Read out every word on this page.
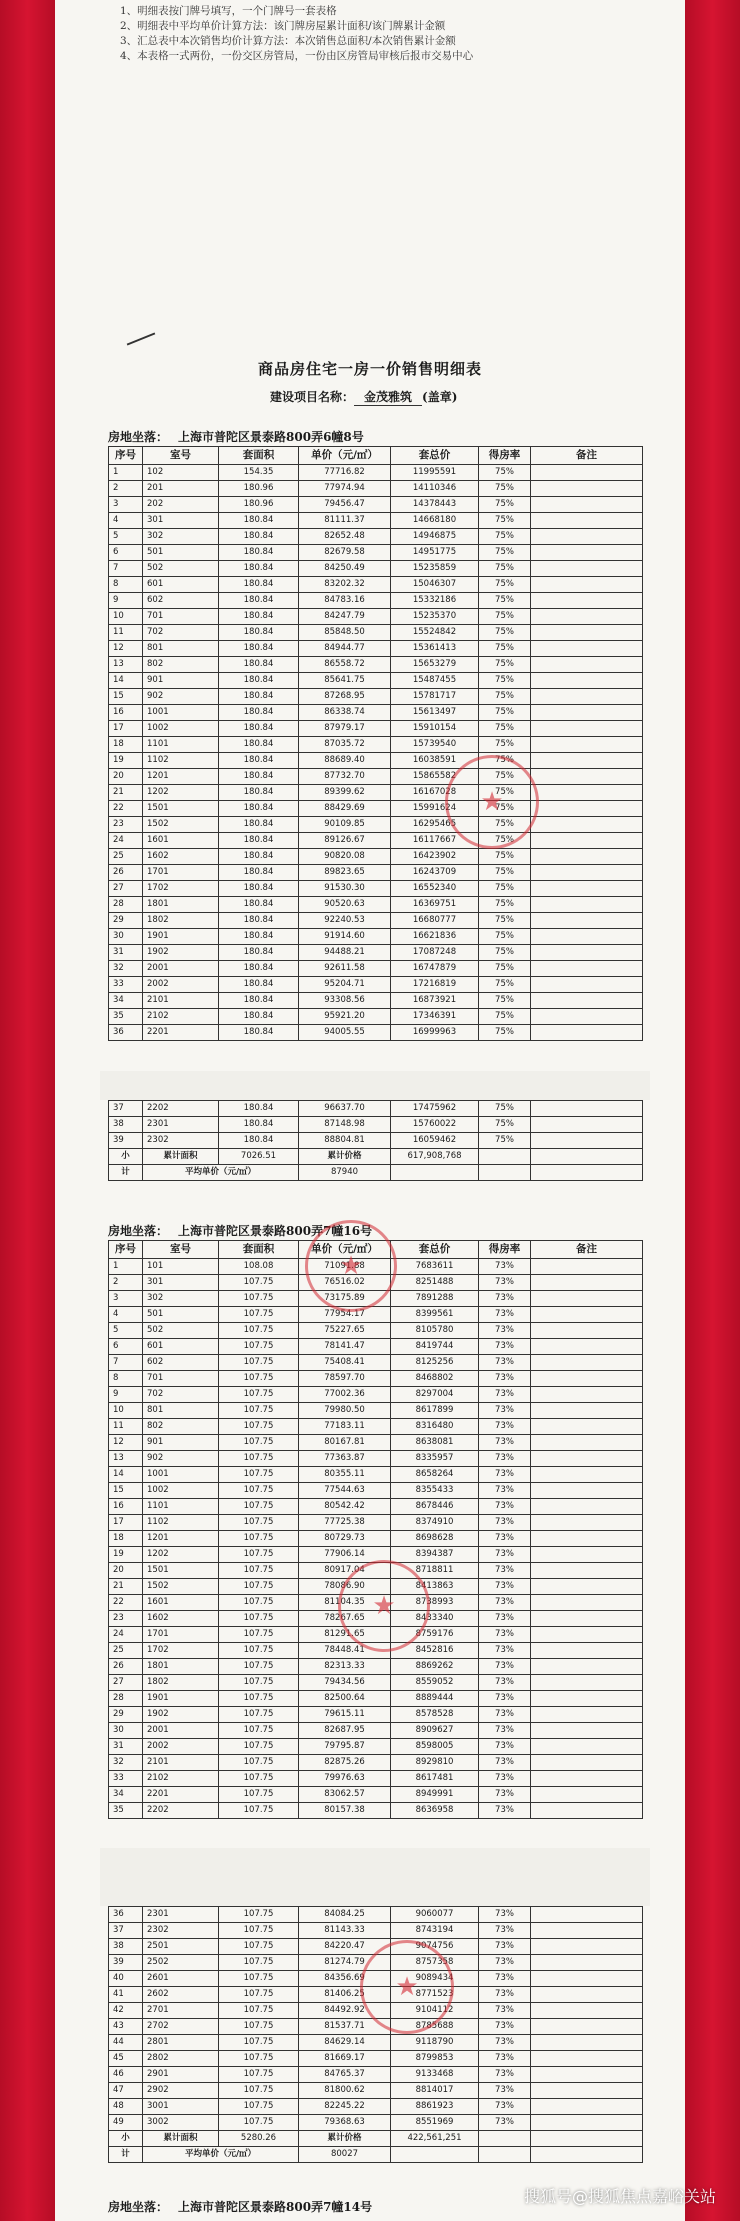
1、明细表按门牌号填写，一个门牌号一套表格
2、明细表中平均单价计算方法：该门牌房屋累计面积/该门牌累计金额
3、汇总表中本次销售均价计算方法：本次销售总面积/本次销售累计金额
4、本表格一式两份，一份交区房管局，一份由区房管局审核后报市交易中心
商品房住宅一房一价销售明细表
建设项目名称： 金茂雅筑 (盖章)
房地坐落： 上海市普陀区景泰路800弄6幢8号
序号	室号	套面积	单价（元/㎡）	套总价	得房率	备注
1	102	154.35	77716.82	11995591	75%	
2	201	180.96	77974.94	14110346	75%	
3	202	180.96	79456.47	14378443	75%	
4	301	180.84	81111.37	14668180	75%	
5	302	180.84	82652.48	14946875	75%	
6	501	180.84	82679.58	14951775	75%	
7	502	180.84	84250.49	15235859	75%	
8	601	180.84	83202.32	15046307	75%	
9	602	180.84	84783.16	15332186	75%	
10	701	180.84	84247.79	15235370	75%	
11	702	180.84	85848.50	15524842	75%	
12	801	180.84	84944.77	15361413	75%	
13	802	180.84	86558.72	15653279	75%	
14	901	180.84	85641.75	15487455	75%	
15	902	180.84	87268.95	15781717	75%	
16	1001	180.84	86338.74	15613497	75%	
17	1002	180.84	87979.17	15910154	75%	
18	1101	180.84	87035.72	15739540	75%	
19	1102	180.84	88689.40	16038591	75%	
20	1201	180.84	87732.70	15865582	75%	
21	1202	180.84	89399.62	16167028	75%	
22	1501	180.84	88429.69	15991624	75%	
23	1502	180.84	90109.85	16295465	75%	
24	1601	180.84	89126.67	16117667	75%	
25	1602	180.84	90820.08	16423902	75%	
26	1701	180.84	89823.65	16243709	75%	
27	1702	180.84	91530.30	16552340	75%	
28	1801	180.84	90520.63	16369751	75%	
29	1802	180.84	92240.53	16680777	75%	
30	1901	180.84	91914.60	16621836	75%	
31	1902	180.84	94488.21	17087248	75%	
32	2001	180.84	92611.58	16747879	75%	
33	2002	180.84	95204.71	17216819	75%	
34	2101	180.84	93308.56	16873921	75%	
35	2102	180.84	95921.20	17346391	75%	
36	2201	180.84	94005.55	16999963	75%	
37	2202	180.84	96637.70	17475962	75%	
38	2301	180.84	87148.98	15760022	75%	
39	2302	180.84	88804.81	16059462	75%	
小	累计面积	7026.51	累计价格	617,908,768		
计	平均单价（元/㎡）		87940			
房地坐落： 上海市普陀区景泰路800弄7幢16号
序号	室号	套面积	单价（元/㎡）	套总价	得房率	备注
1	101	108.08	71091.88	7683611	73%	
2	301	107.75	76516.02	8251488	73%	
3	302	107.75	73175.89	7891288	73%	
4	501	107.75	77954.17	8399561	73%	
5	502	107.75	75227.65	8105780	73%	
6	601	107.75	78141.47	8419744	73%	
7	602	107.75	75408.41	8125256	73%	
8	701	107.75	78597.70	8468802	73%	
9	702	107.75	77002.36	8297004	73%	
10	801	107.75	79980.50	8617899	73%	
11	802	107.75	77183.11	8316480	73%	
12	901	107.75	80167.81	8638081	73%	
13	902	107.75	77363.87	8335957	73%	
14	1001	107.75	80355.11	8658264	73%	
15	1002	107.75	77544.63	8355433	73%	
16	1101	107.75	80542.42	8678446	73%	
17	1102	107.75	77725.38	8374910	73%	
18	1201	107.75	80729.73	8698628	73%	
19	1202	107.75	77906.14	8394387	73%	
20	1501	107.75	80917.04	8718811	73%	
21	1502	107.75	78086.90	8413863	73%	
22	1601	107.75	81104.35	8738993	73%	
23	1602	107.75	78267.65	8433340	73%	
24	1701	107.75	81291.65	8759176	73%	
25	1702	107.75	78448.41	8452816	73%	
26	1801	107.75	82313.33	8869262	73%	
27	1802	107.75	79434.56	8559052	73%	
28	1901	107.75	82500.64	8889444	73%	
29	1902	107.75	79615.11	8578528	73%	
30	2001	107.75	82687.95	8909627	73%	
31	2002	107.75	79795.87	8598005	73%	
32	2101	107.75	82875.26	8929810	73%	
33	2102	107.75	79976.63	8617481	73%	
34	2201	107.75	83062.57	8949991	73%	
35	2202	107.75	80157.38	8636958	73%	
36	2301	107.75	84084.25	9060077	73%	
37	2302	107.75	81143.33	8743194	73%	
38	2501	107.75	84220.47	9074756	73%	
39	2502	107.75	81274.79	8757358	73%	
40	2601	107.75	84356.69	9089434	73%	
41	2602	107.75	81406.25	8771523	73%	
42	2701	107.75	84492.92	9104112	73%	
43	2702	107.75	81537.71	8785688	73%	
44	2801	107.75	84629.14	9118790	73%	
45	2802	107.75	81669.17	8799853	73%	
46	2901	107.75	84765.37	9133468	73%	
47	2902	107.75	81800.62	8814017	73%	
48	3001	107.75	82245.22	8861923	73%	
49	3002	107.75	79368.63	8551969	73%	
小	累计面积	5280.26	累计价格	422,561,251		
计	平均单价（元/㎡）		80027			
房地坐落： 上海市普陀区景泰路800弄7幢14号
★
★
★
★
搜狐号@搜狐焦点嘉峪关站
